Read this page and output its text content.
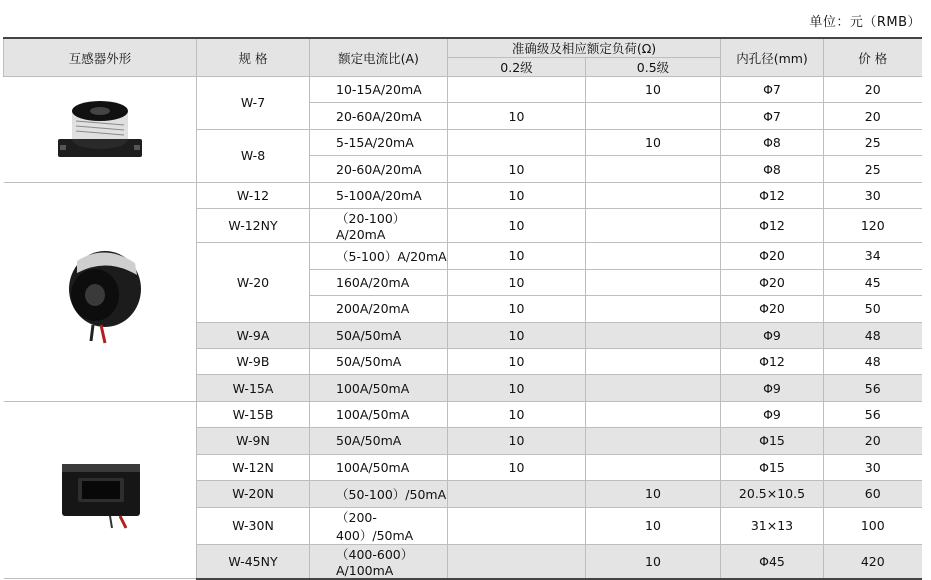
单位：元（RMB）
互感器外形	规 格	额定电流比(A)	准确级及相应额定负荷(Ω)		内孔径(mm)	价 格
			0.2级	0.5级		

	W-7	10-15A/20mA		10	Φ7	20
		20-60A/20mA	10		Φ7	20
	W-8	5-15A/20mA		10	Φ8	25
		20-60A/20mA	10		Φ8	25

	W-12	5-100A/20mA	10		Φ12	30
	W-12NY	（20-100）A/20mA	10		Φ12	120
	W-20	（5-100）A/20mA	10		Φ20	34
		160A/20mA	10		Φ20	45
		200A/20mA	10		Φ20	50
	W-9A	50A/50mA	10		Φ9	48
	W-9B	50A/50mA	10		Φ12	48
	W-15A	100A/50mA	10		Φ9	56

	W-15B	100A/50mA	10		Φ9	56
	W-9N	50A/50mA	10		Φ15	20
	W-12N	100A/50mA	10		Φ15	30
	W-20N	（50-100）/50mA		10	20.5×10.5	60
	W-30N	（200-400）/50mA		10	31×13	100
	W-45NY	（400-600）A/100mA		10	Φ45	420
